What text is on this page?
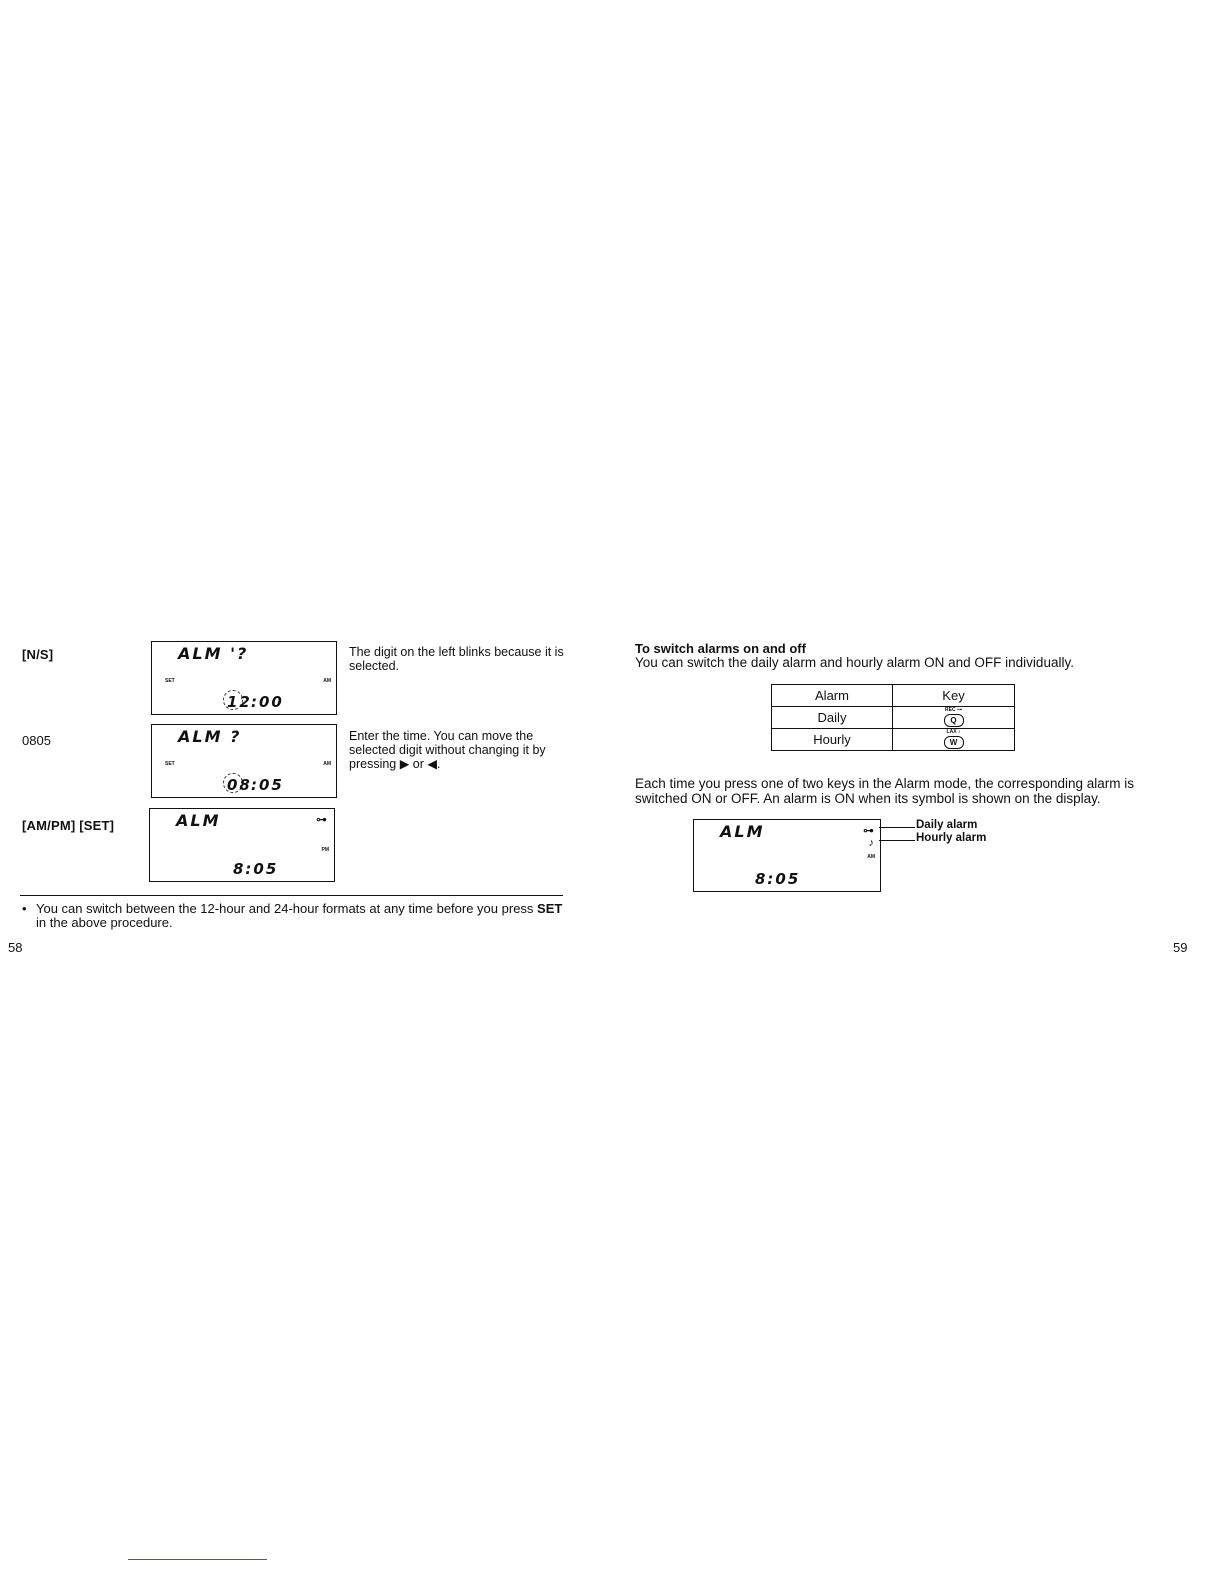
[N/S]	ALM '?
SET	AM
12 :00
The digit on the left blinks because it is selected.
0805	ALM ?
SET	AM
08 :05
Enter the time. You can move the selected digit without changing it by pressing ▶ or ◀.
[AM/PM] [SET]	ALM	⊶
PM
8:05
• You can switch between the 12-hour and 24-hour formats at any time before you press SET in the above procedure.
58
To switch alarms on and off
You can switch the daily alarm and hourly alarm ON and OFF individually.
Alarm	Key
Daily	REC ⊶
Q
Hourly	LAX ♪
W
Each time you press one of two keys in the Alarm mode, the corresponding alarm is switched ON or OFF. An alarm is ON when its symbol is shown on the display.
ALM	⊶
♪
AM
8:05
Daily alarm
Hourly alarm
59
